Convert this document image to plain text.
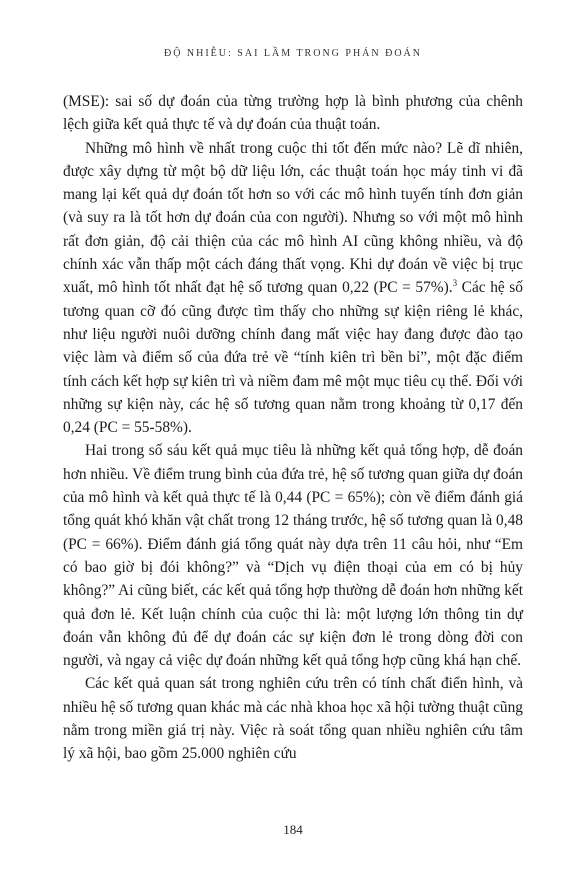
ĐỘ NHIỄU: SAI LẦM TRONG PHÁN ĐOÁN

(MSE): sai số dự đoán của từng trường hợp là bình phương của chênh lệch giữa kết quả thực tế và dự đoán của thuật toán.

Những mô hình về nhất trong cuộc thi tốt đến mức nào? Lẽ dĩ nhiên, được xây dựng từ một bộ dữ liệu lớn, các thuật toán học máy tinh vi đã mang lại kết quả dự đoán tốt hơn so với các mô hình tuyến tính đơn giản (và suy ra là tốt hơn dự đoán của con người). Nhưng so với một mô hình rất đơn giản, độ cải thiện của các mô hình AI cũng không nhiều, và độ chính xác vẫn thấp một cách đáng thất vọng. Khi dự đoán về việc bị trục xuất, mô hình tốt nhất đạt hệ số tương quan 0,22 (PC = 57%).$^3$ Các hệ số tương quan cỡ đó cũng được tìm thấy cho những sự kiện riêng lẻ khác, như liệu người nuôi dưỡng chính đang mất việc hay đang được đào tạo việc làm và điểm số của đứa trẻ về “tính kiên trì bền bỉ”, một đặc điểm tính cách kết hợp sự kiên trì và niềm đam mê một mục tiêu cụ thể. Đối với những sự kiện này, các hệ số tương quan nằm trong khoảng từ 0,17 đến 0,24 (PC = 55-58%).

Hai trong số sáu kết quả mục tiêu là những kết quả tổng hợp, dễ đoán hơn nhiều. Về điểm trung bình của đứa trẻ, hệ số tương quan giữa dự đoán của mô hình và kết quả thực tế là 0,44 (PC = 65%); còn về điểm đánh giá tổng quát khó khăn vật chất trong 12 tháng trước, hệ số tương quan là 0,48 (PC = 66%). Điểm đánh giá tổng quát này dựa trên 11 câu hỏi, như “Em có bao giờ bị đói không?” và “Dịch vụ điện thoại của em có bị hủy không?” Ai cũng biết, các kết quả tổng hợp thường dễ đoán hơn những kết quả đơn lẻ. Kết luận chính của cuộc thi là: một lượng lớn thông tin dự đoán vẫn không đủ để dự đoán các sự kiện đơn lẻ trong dòng đời con người, và ngay cả việc dự đoán những kết quả tổng hợp cũng khá hạn chế.

Các kết quả quan sát trong nghiên cứu trên có tính chất điển hình, và nhiều hệ số tương quan khác mà các nhà khoa học xã hội tường thuật cũng nằm trong miền giá trị này. Việc rà soát tổng quan nhiều nghiên cứu tâm lý xã hội, bao gồm 25.000 nghiên cứu

184
